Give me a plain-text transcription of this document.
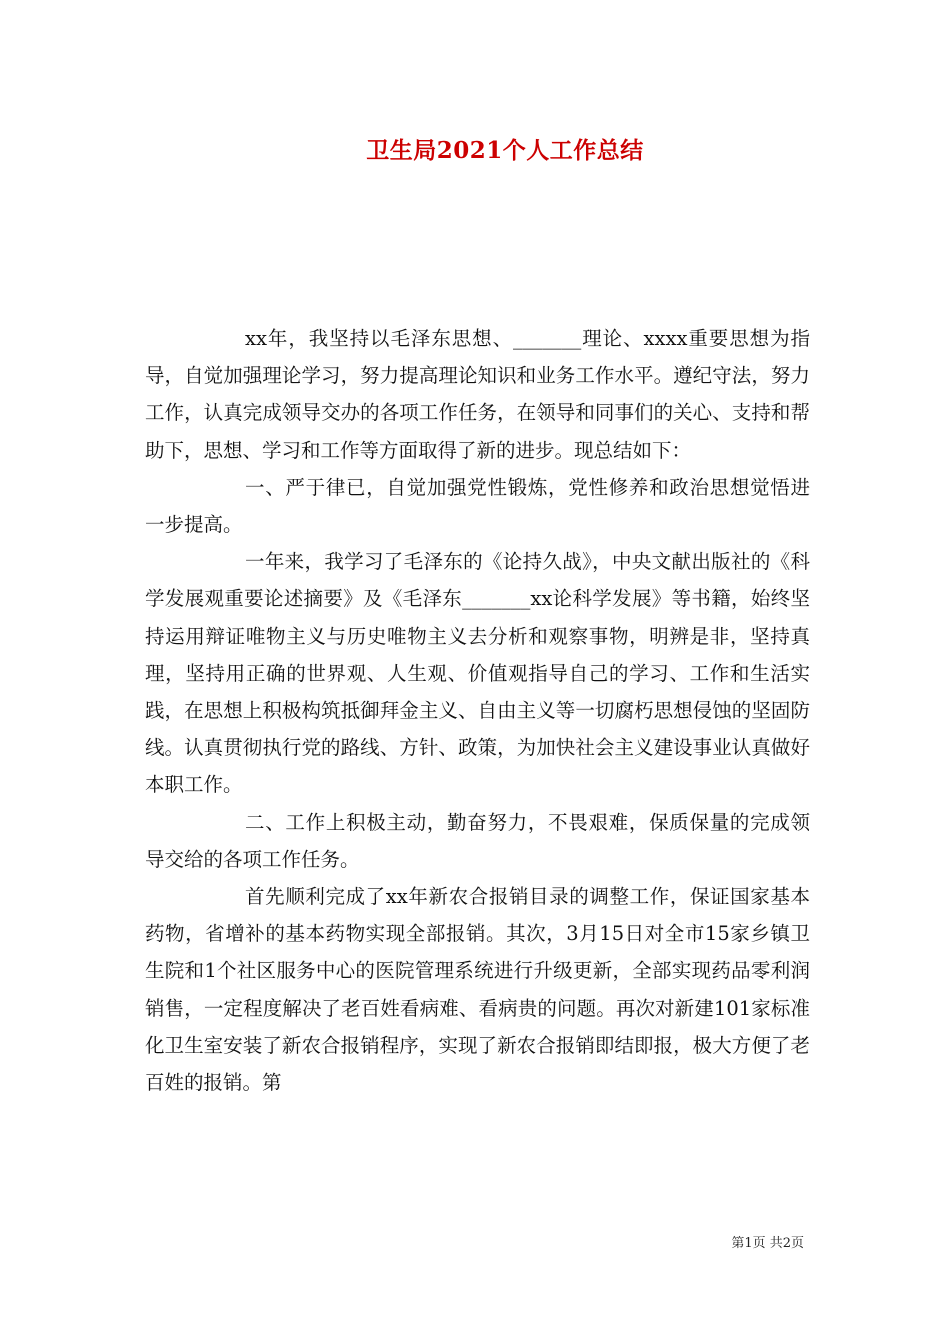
卫生局2021个人工作总结

xx年，我坚持以毛泽东思想、_______理论、xxxx重要思想为指导，自觉加强理论学习，努力提高理论知识和业务工作水平。遵纪守法，努力工作，认真完成领导交办的各项工作任务，在领导和同事们的关心、支持和帮助下，思想、学习和工作等方面取得了新的进步。现总结如下：

一、严于律已，自觉加强党性锻炼，党性修养和政治思想觉悟进一步提高。

一年来，我学习了毛泽东的《论持久战》，中央文献出版社的《科学发展观重要论述摘要》及《毛泽东_______xx论科学发展》等书籍，始终坚持运用辩证唯物主义与历史唯物主义去分析和观察事物，明辨是非，坚持真理，坚持用正确的世界观、人生观、价值观指导自己的学习、工作和生活实践，在思想上积极构筑抵御拜金主义、自由主义等一切腐朽思想侵蚀的坚固防线。认真贯彻执行党的路线、方针、政策，为加快社会主义建设事业认真做好本职工作。

二、工作上积极主动，勤奋努力，不畏艰难，保质保量的完成领导交给的各项工作任务。

首先顺利完成了xx年新农合报销目录的调整工作，保证国家基本药物，省增补的基本药物实现全部报销。其次，3月15日对全市15家乡镇卫生院和1个社区服务中心的医院管理系统进行升级更新，全部实现药品零利润销售，一定程度解决了老百姓看病难、看病贵的问题。再次对新建101家标准化卫生室安装了新农合报销程序，实现了新农合报销即结即报，极大方便了老百姓的报销。第

第1页 共2页
